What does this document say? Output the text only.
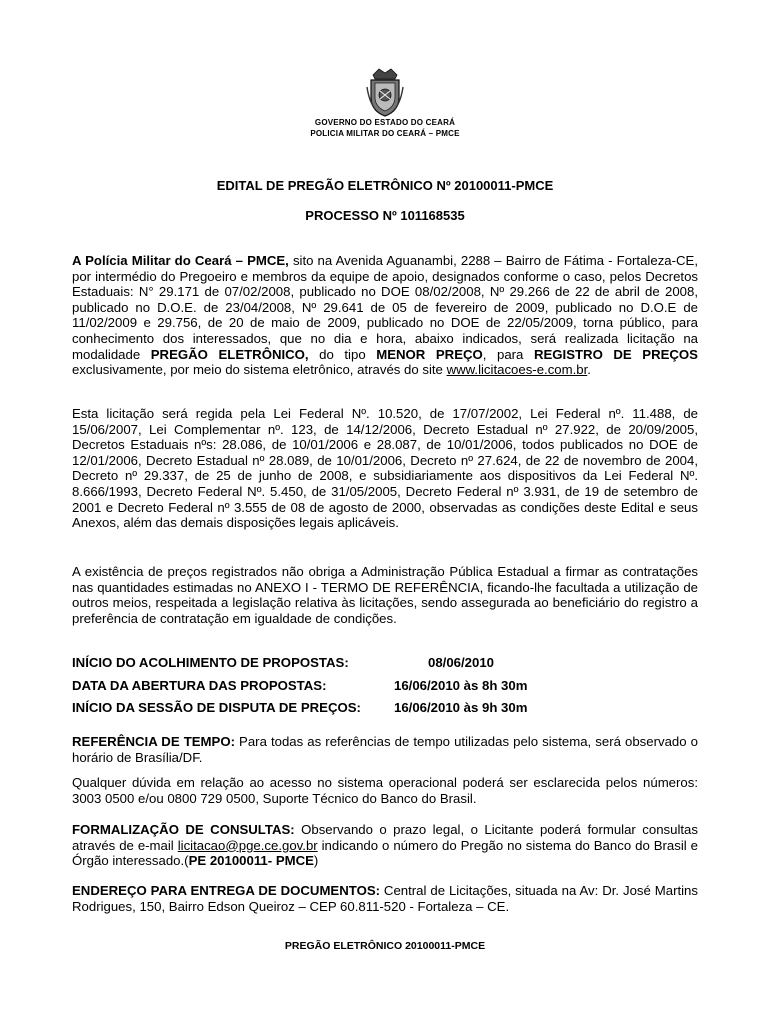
GOVERNO DO ESTADO DO CEARÁ
POLICIA MILITAR DO CEARÁ – PMCE
EDITAL DE PREGÃO ELETRÔNICO Nº 20100011-PMCE
PROCESSO Nº 101168535

A Polícia Militar do Ceará – PMCE, sito na Avenida Aguanambi, 2288 – Bairro de Fátima - Fortaleza-CE, por intermédio do Pregoeiro e membros da equipe de apoio, designados conforme o caso, pelos Decretos Estaduais: N° 29.171 de 07/02/2008, publicado no DOE 08/02/2008, Nº 29.266 de 22 de abril de 2008, publicado no D.O.E. de 23/04/2008, Nº 29.641 de 05 de fevereiro de 2009, publicado no D.O.E de 11/02/2009 e 29.756, de 20 de maio de 2009, publicado no DOE de 22/05/2009, torna público, para conhecimento dos interessados, que no dia e hora, abaixo indicados, será realizada licitação na modalidade PREGÃO ELETRÔNICO, do tipo MENOR PREÇO, para REGISTRO DE PREÇOS exclusivamente, por meio do sistema eletrônico, através do site www.licitacoes-e.com.br.

Esta licitação será regida pela Lei Federal Nº. 10.520, de 17/07/2002, Lei Federal nº. 11.488, de 15/06/2007, Lei Complementar nº. 123, de 14/12/2006, Decreto Estadual nº 27.922, de 20/09/2005, Decretos Estaduais nºs: 28.086, de 10/01/2006 e 28.087, de 10/01/2006, todos publicados no DOE de 12/01/2006, Decreto Estadual nº 28.089, de 10/01/2006, Decreto nº 27.624, de 22 de novembro de 2004, Decreto nº 29.337, de 25 de junho de 2008, e subsidiariamente aos dispositivos da Lei Federal Nº. 8.666/1993, Decreto Federal Nº. 5.450, de 31/05/2005, Decreto Federal nº 3.931, de 19 de setembro de 2001 e Decreto Federal nº 3.555 de 08 de agosto de 2000, observadas as condições deste Edital e seus Anexos, além das demais disposições legais aplicáveis.

A existência de preços registrados não obriga a Administração Pública Estadual a firmar as contratações nas quantidades estimadas no ANEXO I - TERMO DE REFERÊNCIA, ficando-lhe facultada a utilização de outros meios, respeitada a legislação relativa às licitações, sendo assegurada ao beneficiário do registro a preferência de contratação em igualdade de condições.

INÍCIO DO ACOLHIMENTO DE PROPOSTAS:	08/06/2010
DATA DA ABERTURA DAS PROPOSTAS:	16/06/2010 às 8h 30m
INÍCIO DA SESSÃO DE DISPUTA DE PREÇOS:	16/06/2010 às 9h 30m

REFERÊNCIA DE TEMPO: Para todas as referências de tempo utilizadas pelo sistema, será observado o horário de Brasília/DF.

Qualquer dúvida em relação ao acesso no sistema operacional poderá ser esclarecida pelos números: 3003 0500 e/ou 0800 729 0500, Suporte Técnico do Banco do Brasil.

FORMALIZAÇÃO DE CONSULTAS: Observando o prazo legal, o Licitante poderá formular consultas através de e-mail licitacao@pge.ce.gov.br indicando o número do Pregão no sistema do Banco do Brasil e Órgão interessado.(PE 20100011- PMCE)

ENDEREÇO PARA ENTREGA DE DOCUMENTOS: Central de Licitações, situada na Av: Dr. José Martins Rodrigues, 150, Bairro Edson Queiroz – CEP 60.811-520 - Fortaleza – CE.

PREGÃO ELETRÔNICO 20100011-PMCE
